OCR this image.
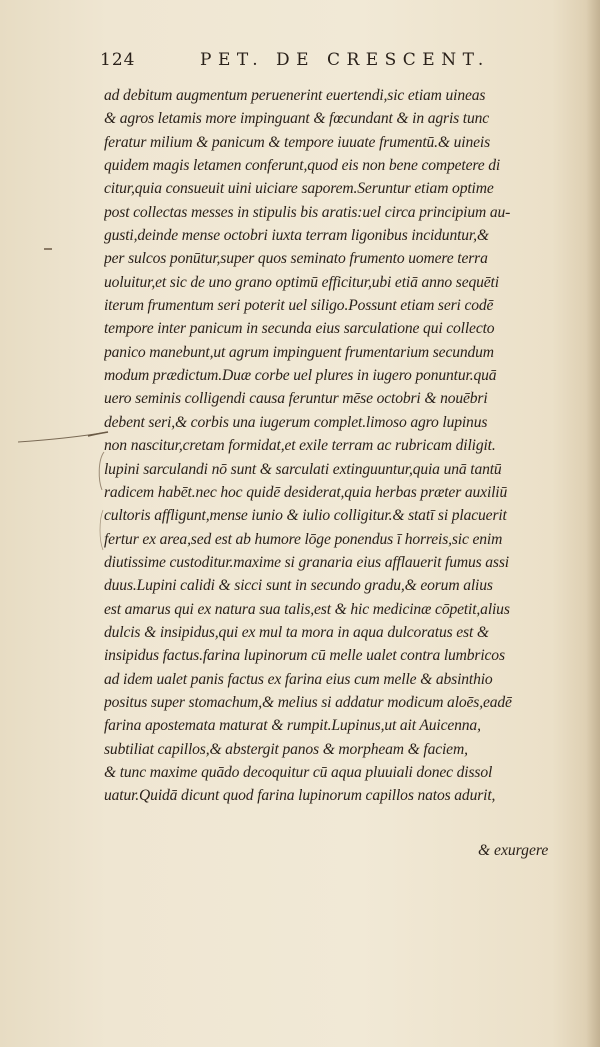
124	PET. DE CRESCENT.
ad debitum augmentum peruenerint euertendi,sic etiam uineas
& agros letamis more impinguant & fœcundant & in agris tunc
feratur milium & panicum & tempore iuuate frumentū.& uineis
quidem magis letamen conferunt,quod eis non bene competere di
citur,quia consueuit uini uiciare saporem.Seruntur etiam optime
post collectas messes in stipulis bis aratis:uel circa principium au-
gusti,deinde mense octobri iuxta terram ligonibus inciduntur,&
per sulcos ponūtur,super quos seminato frumento uomere terra
uoluitur,et sic de uno grano optimū efficitur,ubi etiā anno sequēti
iterum frumentum seri poterit uel siligo.Possunt etiam seri codē
tempore inter panicum in secunda eius sarculatione qui collecto
panico manebunt,ut agrum impinguent frumentarium secundum
modum prædictum.Duæ corbe uel plures in iugero ponuntur.quā
uero seminis colligendi causa feruntur mēse octobri & nouēbri
debent seri,& corbis una iugerum complet.limoso agro lupinus
non nascitur,cretam formidat,et exile terram ac rubricam diligit.
lupini sarculandi nō sunt & sarculati extinguuntur,quia unā tantū
radicem habēt.nec hoc quidē desiderat,quia herbas præter auxiliū
cultoris affligunt,mense iunio & iulio colligitur.& statī si placuerit
fertur ex area,sed est ab humore lōge ponendus ī horreis,sic enim
diutissime custoditur.maxime si granaria eius afflauerit fumus assi
duus.Lupini calidi & sicci sunt in secundo gradu,& eorum alius
est amarus qui ex natura sua talis,est & hic medicinæ cōpetit,alius
dulcis & insipidus,qui ex mul ta mora in aqua dulcoratus est &
insipidus factus.farina lupinorum cū melle ualet contra lumbricos
ad idem ualet panis factus ex farina eius cum melle & absinthio
positus super stomachum,& melius si addatur modicum aloēs,eadē
farina apostemata maturat & rumpit.Lupinus,ut ait Auicenna,
subtiliat capillos,& abstergit panos & morpheam & faciem,
& tunc maxime quādo decoquitur cū aqua pluuiali donec dissol
uatur.Quidā dicunt quod farina lupinorum capillos natos adurit,
& exurgere
